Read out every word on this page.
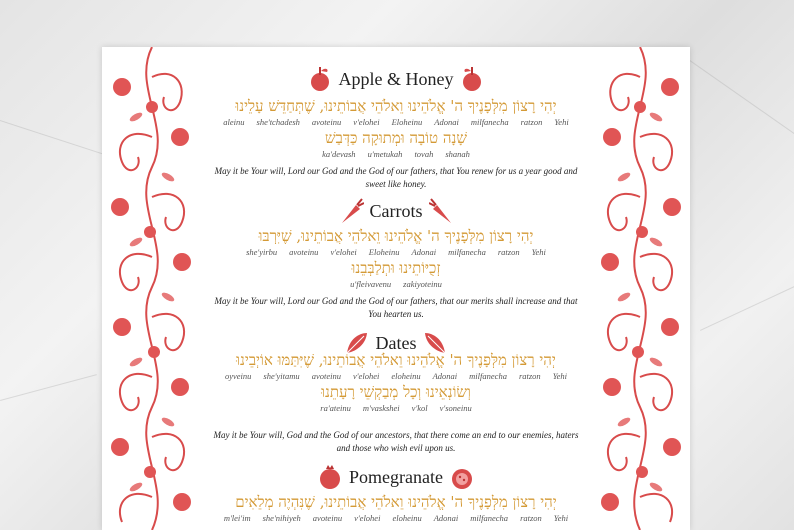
Apple & Honey
יְהִי רָצוֹן מִלְּפָנֶיךָ ה' אֱלֹהֵינוּ וֵאלֹהֵי אֲבוֹתֵינוּ, שֶׁתְּחַדֵּשׁ עָלֵינוּ
aleinu she'tchadesh avoteinu v'elohei Eloheinu Adonai milfanecha ratzon Yehi
שָׁנָה טוֹבָה וּמְתוּקָה כַּדְּבַשׁ
ka'devash u'metukah tovah shanah
May it be Your will, Lord our God and the God of our fathers, that You renew for us a year good and sweet like honey.
Carrots
יְהִי רָצוֹן מִלְּפָנֶיךָ ה' אֱלֹהֵינוּ וֵאלֹהֵי אֲבוֹתֵינוּ, שֶׁיִּרְבּוּ
she'yirbu avoteinu v'elohei Eloheinu Adonai milfanecha ratzon Yehi
זְכֻיּוֹתֵינוּ וּתְלַבְּבֵנוּ
u'fleivavenu zakiyoteinu
May it be Your will, Lord our God and the God of our fathers, that our merits shall increase and that You hearten us.
Dates
יְהִי רָצוֹן מִלְּפָנֶיךָ ה' אֱלֹהֵינוּ וֵאלֹהֵי אֲבוֹתֵינוּ, שֶׁיִּתַּמּוּ אוֹיְבֵינוּ
oyveinu she'yitamu avoteinu v'elohei eloheinu Adonai milfanecha ratzon Yehi
וְשׂוֹנְאֵינוּ וְכָל מְבַקְשֵׁי רָעָתֵנוּ
ra'ateinu m'vaskshei v'kol v'soneinu
May it be Your will, God and the God of our ancestors, that there come an end to our enemies, haters and those who wish evil upon us.
Pomegranate
יְהִי רָצוֹן מִלְּפָנֶיךָ ה' אֱלֹהֵינוּ וֵאלֹהֵי אֲבוֹתֵינוּ, שֶׁנִּהְיֶה מְלֵאִים
m'lei'im she'nihiyeh avoteinu v'elohei eloheinu Adonai milfanecha ratzon Yehi
